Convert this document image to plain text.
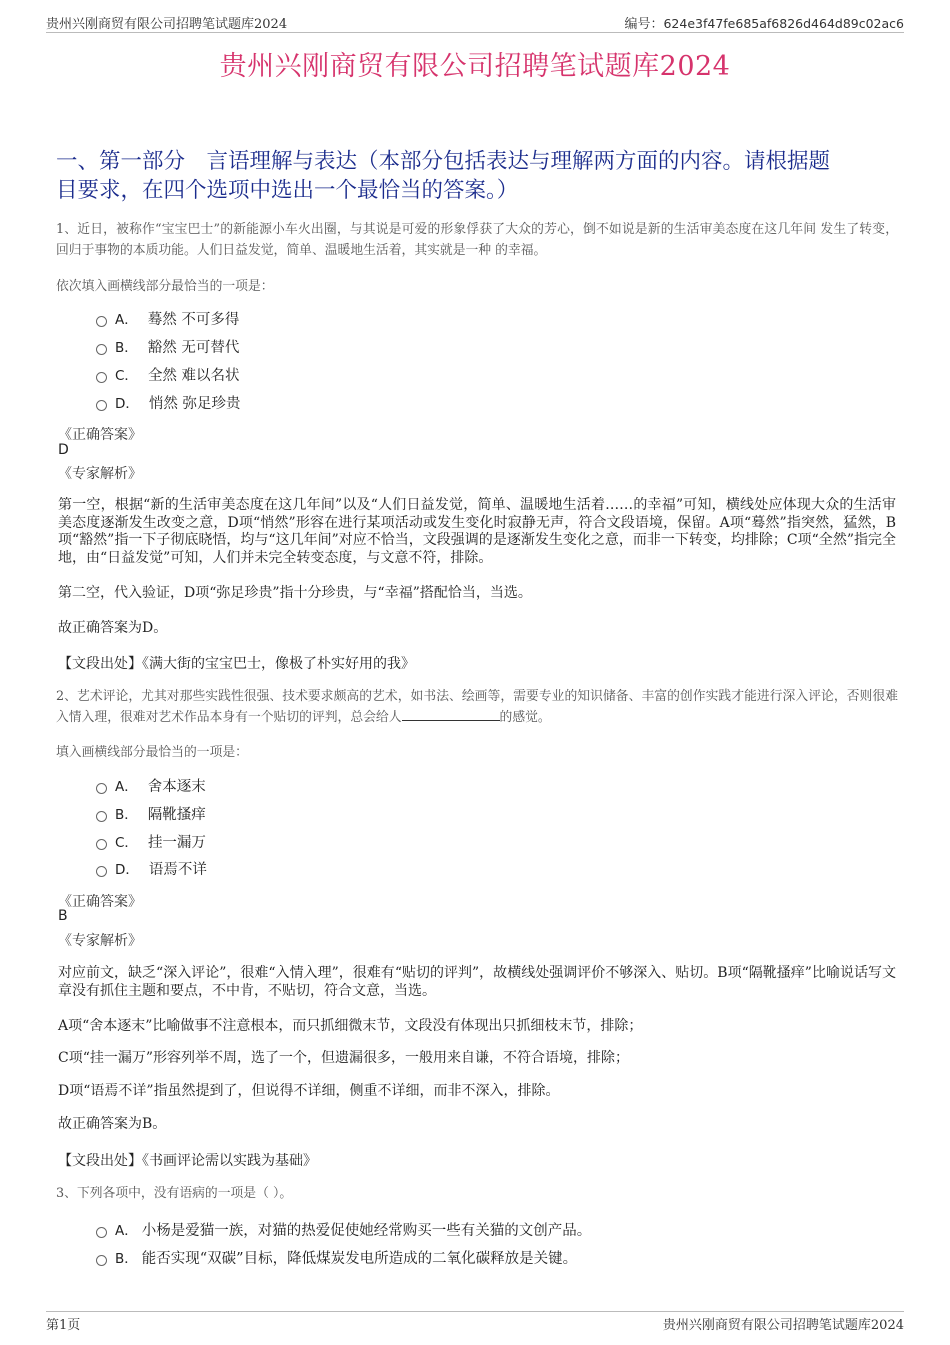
贵州兴刚商贸有限公司招聘笔试题库2024	编号：624e3f47fe685af6826d464d89c02ac6
贵州兴刚商贸有限公司招聘笔试题库2024
一、第一部分　言语理解与表达（本部分包括表达与理解两方面的内容。请根据题
目要求，在四个选项中选出一个最恰当的答案。）
1、近日，被称作“宝宝巴士”的新能源小车火出圈，与其说是可爱的形象俘获了大众的芳心，倒不如说是新的生活审美态度在这几年间 发生了转变，回归于事物的本质功能。人们日益发觉，简单、温暖地生活着，其实就是一种 的幸福。
依次填入画横线部分最恰当的一项是：
A． 蓦然 不可多得
B． 豁然 无可替代
C． 全然 难以名状
D． 悄然 弥足珍贵
《正确答案》
D
《专家解析》
第一空，根据“新的生活审美态度在这几年间”以及“人们日益发觉，简单、温暖地生活着……的幸福”可知，横线处应体现大众的生活审美态度逐渐发生改变之意，D项“悄然”形容在进行某项活动或发生变化时寂静无声，符合文段语境，保留。A项“蓦然”指突然，猛然，B项“豁然”指一下子彻底晓悟，均与“这几年间”对应不恰当，文段强调的是逐渐发生变化之意，而非一下转变，均排除；C项“全然”指完全地，由“日益发觉”可知，人们并未完全转变态度，与文意不符，排除。
第二空，代入验证，D项“弥足珍贵”指十分珍贵，与“幸福”搭配恰当，当选。
故正确答案为D。
【文段出处】《满大街的宝宝巴士，像极了朴实好用的我》
2、艺术评论，尤其对那些实践性很强、技术要求颇高的艺术，如书法、绘画等，需要专业的知识储备、丰富的创作实践才能进行深入评论，否则很难入情入理，很难对艺术作品本身有一个贴切的评判，总会给人	的感觉。
填入画横线部分最恰当的一项是：
A． 舍本逐末
B． 隔靴搔痒
C． 挂一漏万
D． 语焉不详
《正确答案》
B
《专家解析》
对应前文，缺乏“深入评论”，很难“入情入理”，很难有“贴切的评判”，故横线处强调评价不够深入、贴切。B项“隔靴搔痒”比喻说话写文章没有抓住主题和要点，不中肯，不贴切，符合文意，当选。
A项“舍本逐末”比喻做事不注意根本，而只抓细微末节，文段没有体现出只抓细枝末节，排除；
C项“挂一漏万”形容列举不周，选了一个，但遗漏很多，一般用来自谦，不符合语境，排除；
D项“语焉不详”指虽然提到了，但说得不详细，侧重不详细，而非不深入，排除。
故正确答案为B。
【文段出处】《书画评论需以实践为基础》
3、下列各项中，没有语病的一项是（ ）。
A． 小杨是爱猫一族，对猫的热爱促使她经常购买一些有关猫的文创产品。
B． 能否实现“双碳”目标，降低煤炭发电所造成的二氧化碳释放是关键。
第1页	贵州兴刚商贸有限公司招聘笔试题库2024
